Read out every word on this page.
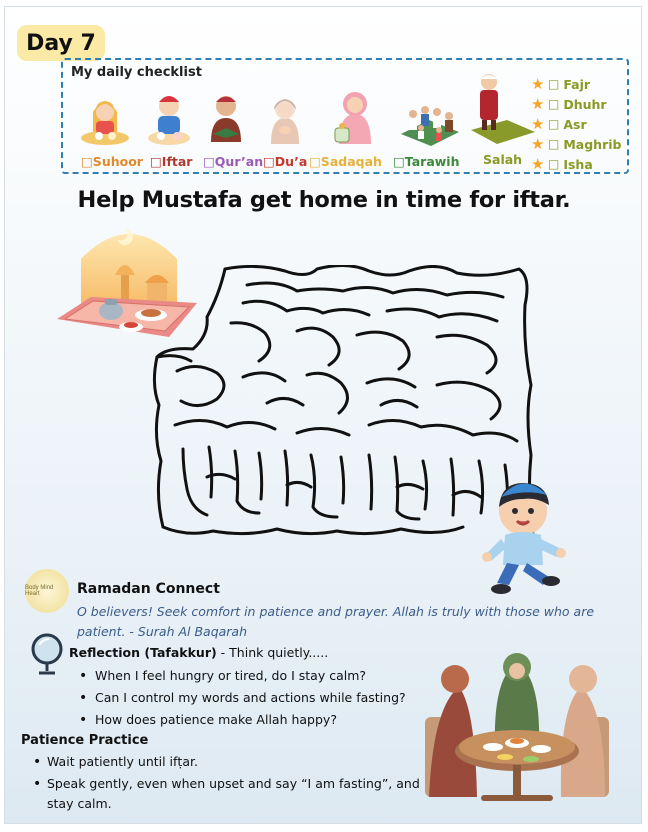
Day 7
My daily checklist
□Suhoor □Iftar □Qur’an □Du’a □Sadaqah □Tarawih Salah
★ □ Fajr
★ □ Dhuhr
★ □ Asr
★ □ Maghrib
★ □ Isha
Help Mustafa get home in time for iftar.
Body Mind Heart	Ramadan Connect
O believers! Seek comfort in patience and prayer. Allah is truly with those who are patient. - Surah Al Baqarah
Reflection (Tafakkur) - Think quietly.....
• When I feel hungry or tired, do I stay calm?
• Can I control my words and actions while fasting?
• How does patience make Allah happy?
Patience Practice
• Wait patiently until ifṭar.
• Speak gently, even when upset and say “I am fasting”, and stay calm.
